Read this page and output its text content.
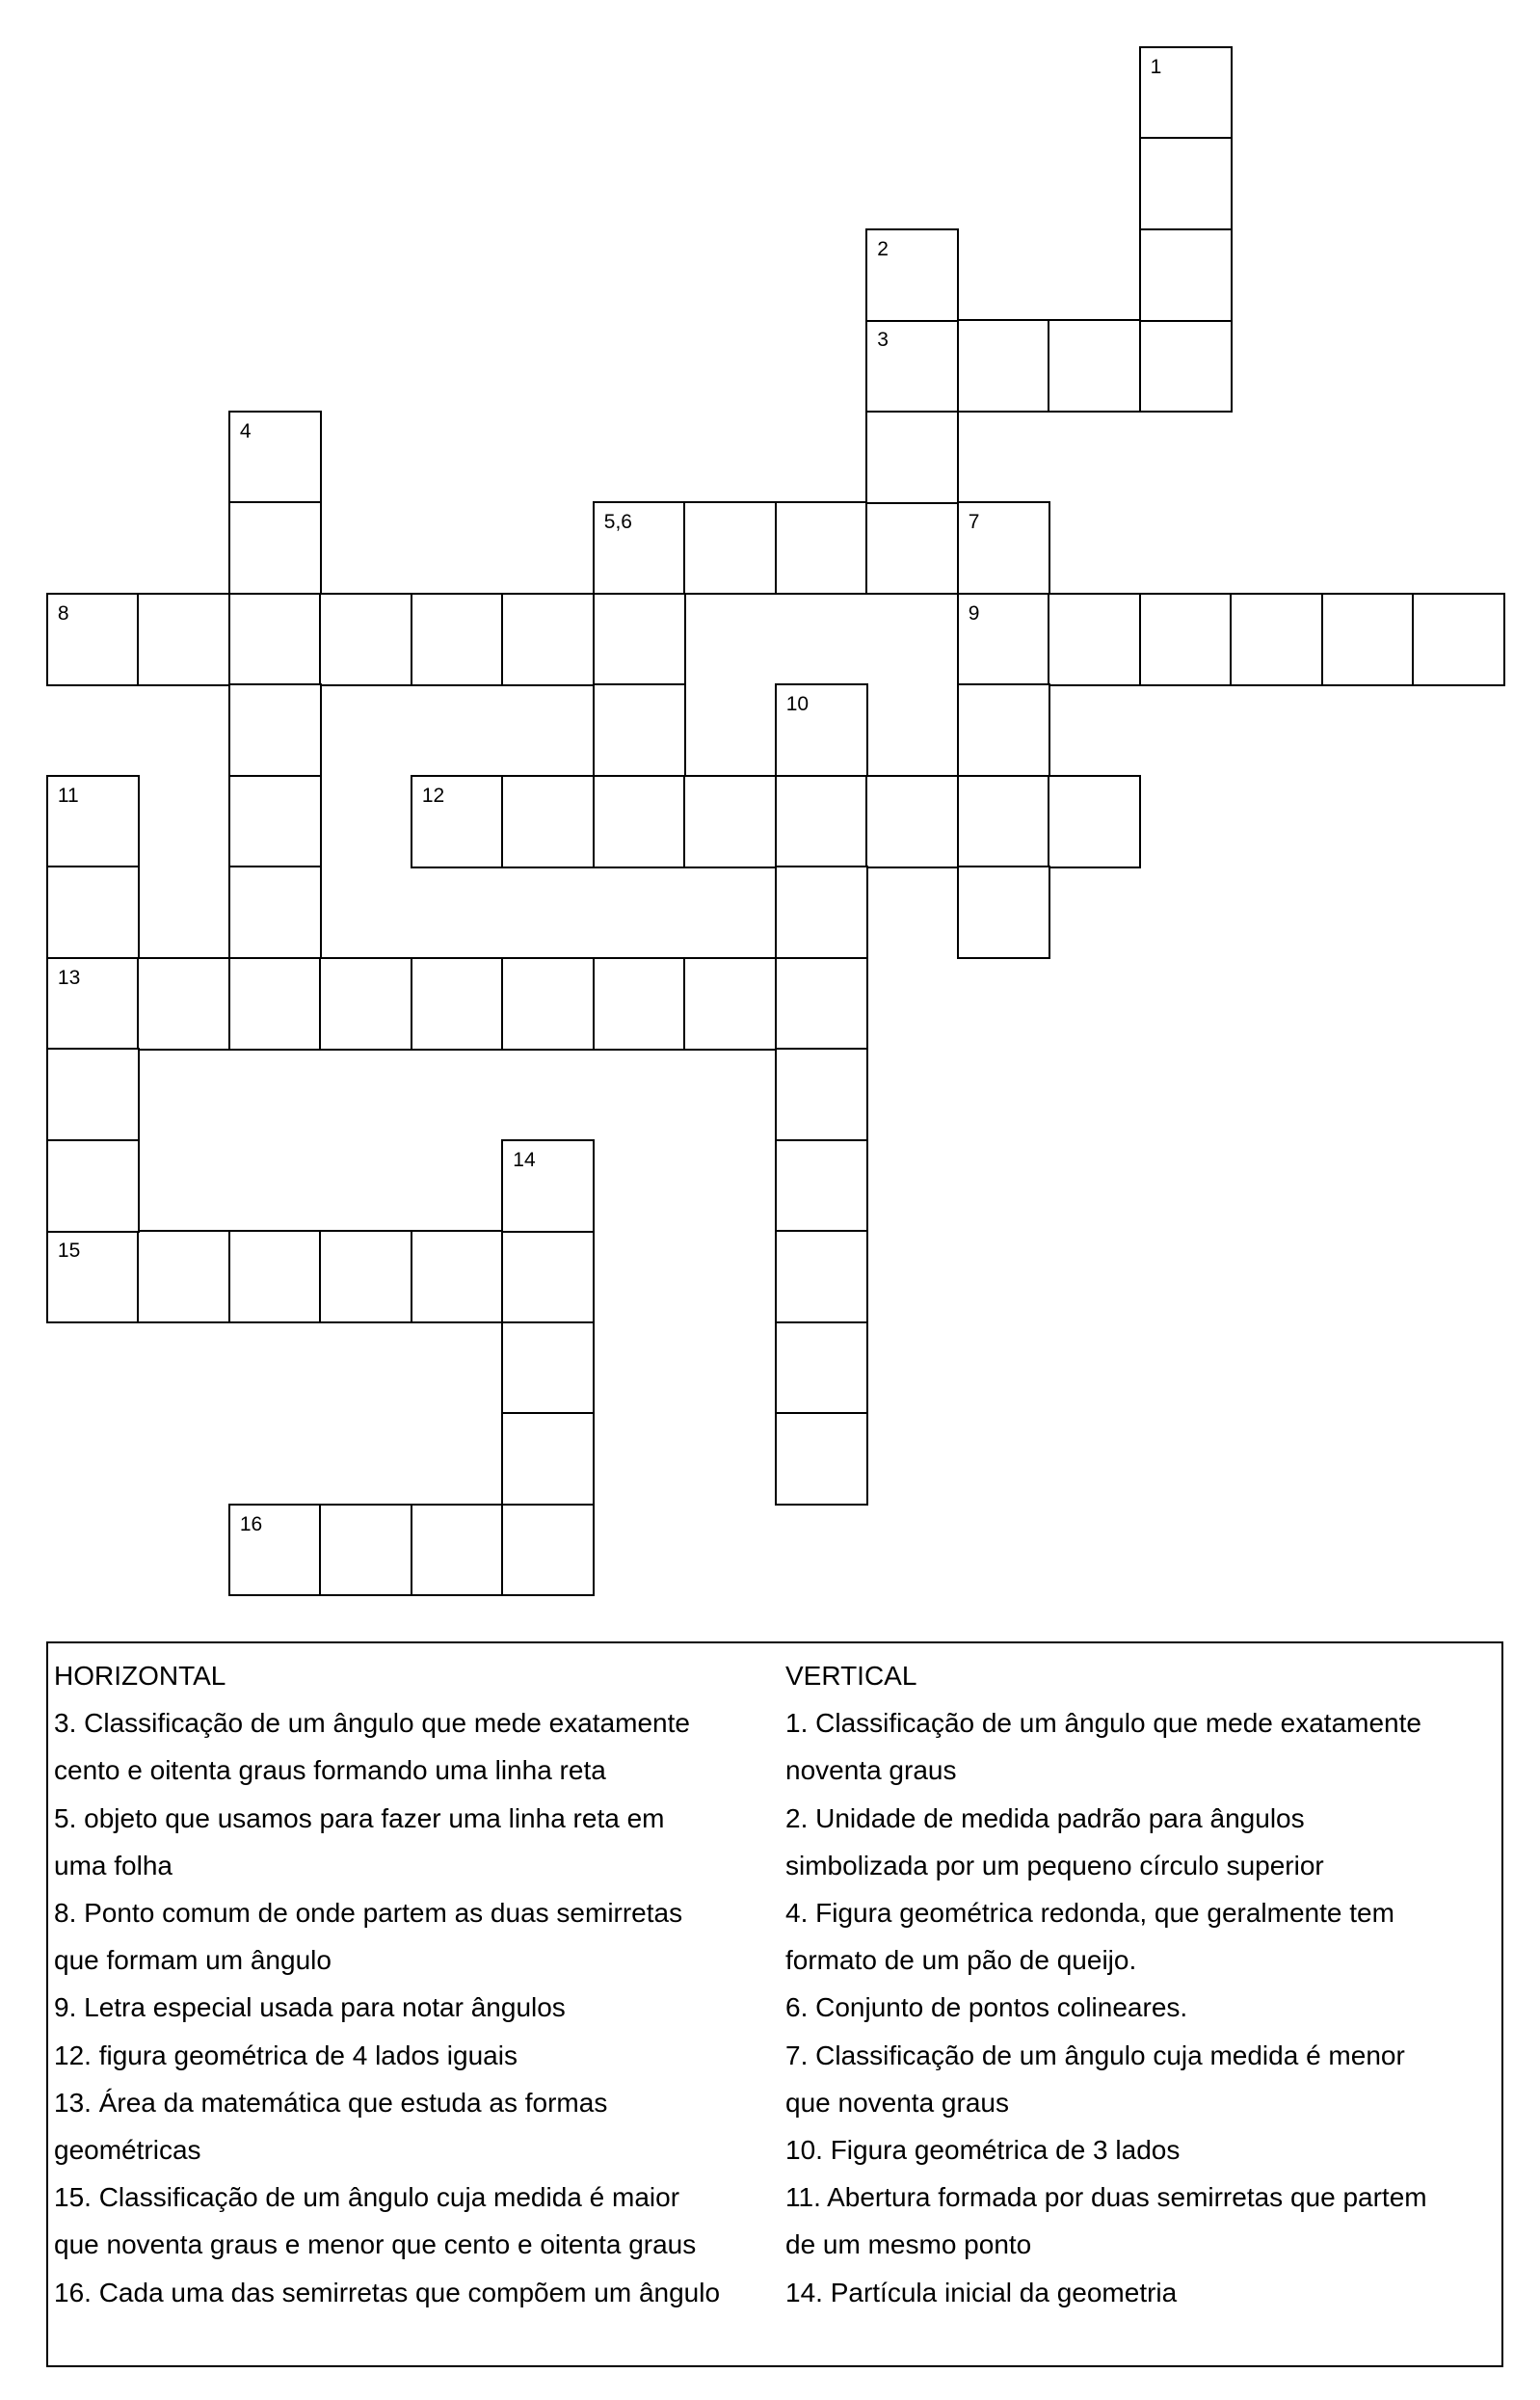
3
5,6	7
8	9
12
13
15
16
1
2
4
10
11
14
HORIZONTAL
3. Classificação de um ângulo que mede exatamente
cento e oitenta graus formando uma linha reta
5. objeto que usamos para fazer uma linha reta em
uma folha
8. Ponto comum de onde partem as duas semirretas
que formam um ângulo
9. Letra especial usada para notar ângulos
12. figura geométrica de 4 lados iguais
13. Área da matemática que estuda as formas
geométricas
15. Classificação de um ângulo cuja medida é maior
que noventa graus e menor que cento e oitenta graus
16. Cada uma das semirretas que compõem um ângulo
VERTICAL
1. Classificação de um ângulo que mede exatamente
noventa graus
2. Unidade de medida padrão para ângulos
simbolizada por um pequeno círculo superior
4. Figura geométrica redonda, que geralmente tem
formato de um pão de queijo.
6. Conjunto de pontos colineares.
7. Classificação de um ângulo cuja medida é menor
que noventa graus
10. Figura geométrica de 3 lados
11. Abertura formada por duas semirretas que partem
de um mesmo ponto
14. Partícula inicial da geometria
